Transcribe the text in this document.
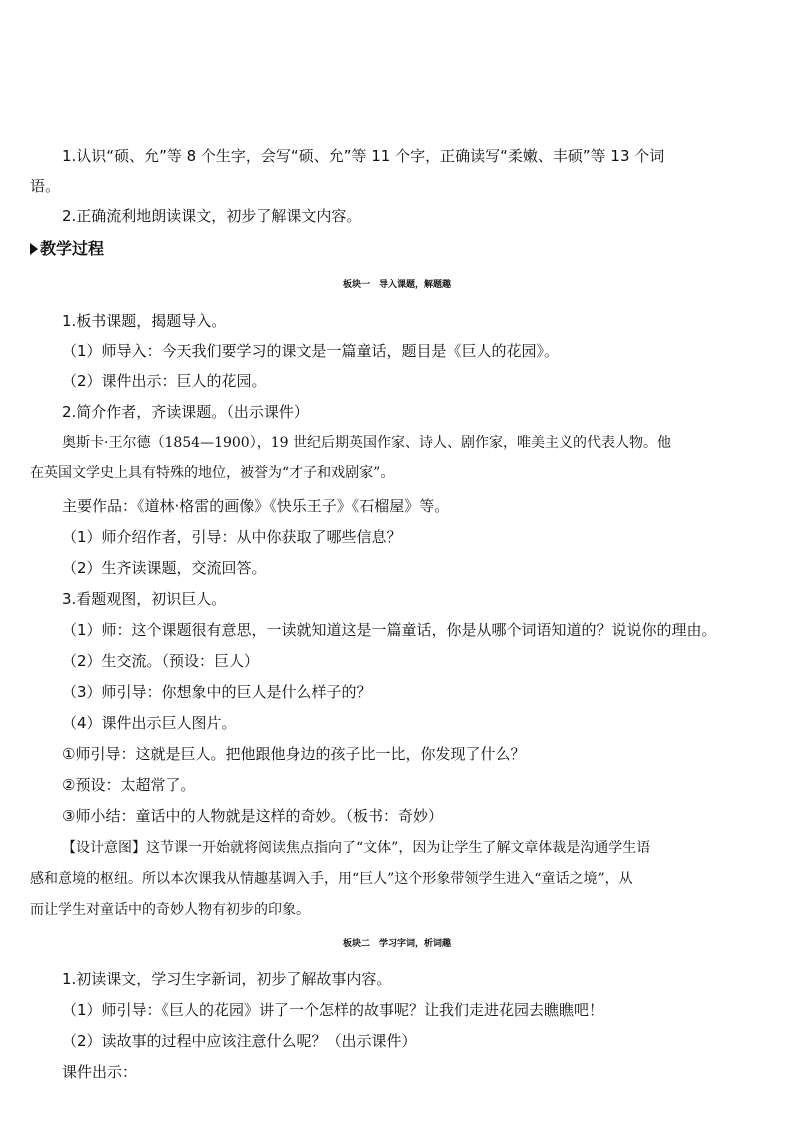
1.认识“硕、允”等 8 个生字，会写“硕、允”等 11 个字，正确读写“柔嫩、丰硕”等 13 个词
语。
2.正确流利地朗读课文，初步了解课文内容。
教学过程
板块一　导入课题，解题趣
1.板书课题，揭题导入。
（1）师导入：今天我们要学习的课文是一篇童话，题目是《巨人的花园》。
（2）课件出示：巨人的花园。
2.简介作者，齐读课题。（出示课件）
奥斯卡·王尔德（1854—1900），19 世纪后期英国作家、诗人、剧作家，唯美主义的代表人物。他
在英国文学史上具有特殊的地位，被誉为“才子和戏剧家”。
主要作品：《道林·格雷的画像》《快乐王子》《石榴屋》等。
（1）师介绍作者，引导：从中你获取了哪些信息？
（2）生齐读课题，交流回答。
3.看题观图，初识巨人。
（1）师：这个课题很有意思，一读就知道这是一篇童话，你是从哪个词语知道的？说说你的理由。
（2）生交流。（预设：巨人）
（3）师引导：你想象中的巨人是什么样子的？
（4）课件出示巨人图片。
①师引导：这就是巨人。把他跟他身边的孩子比一比，你发现了什么？
②预设：太超常了。
③师小结：童话中的人物就是这样的奇妙。（板书：奇妙）
【设计意图】这节课一开始就将阅读焦点指向了“文体”，因为让学生了解文章体裁是沟通学生语
感和意境的枢纽。所以本次课我从情趣基调入手，用“巨人”这个形象带领学生进入“童话之境”，从
而让学生对童话中的奇妙人物有初步的印象。
板块二　学习字词，析词趣
1.初读课文，学习生字新词，初步了解故事内容。
（1）师引导：《巨人的花园》讲了一个怎样的故事呢？让我们走进花园去瞧瞧吧！
（2）读故事的过程中应该注意什么呢？（出示课件）
课件出示：
